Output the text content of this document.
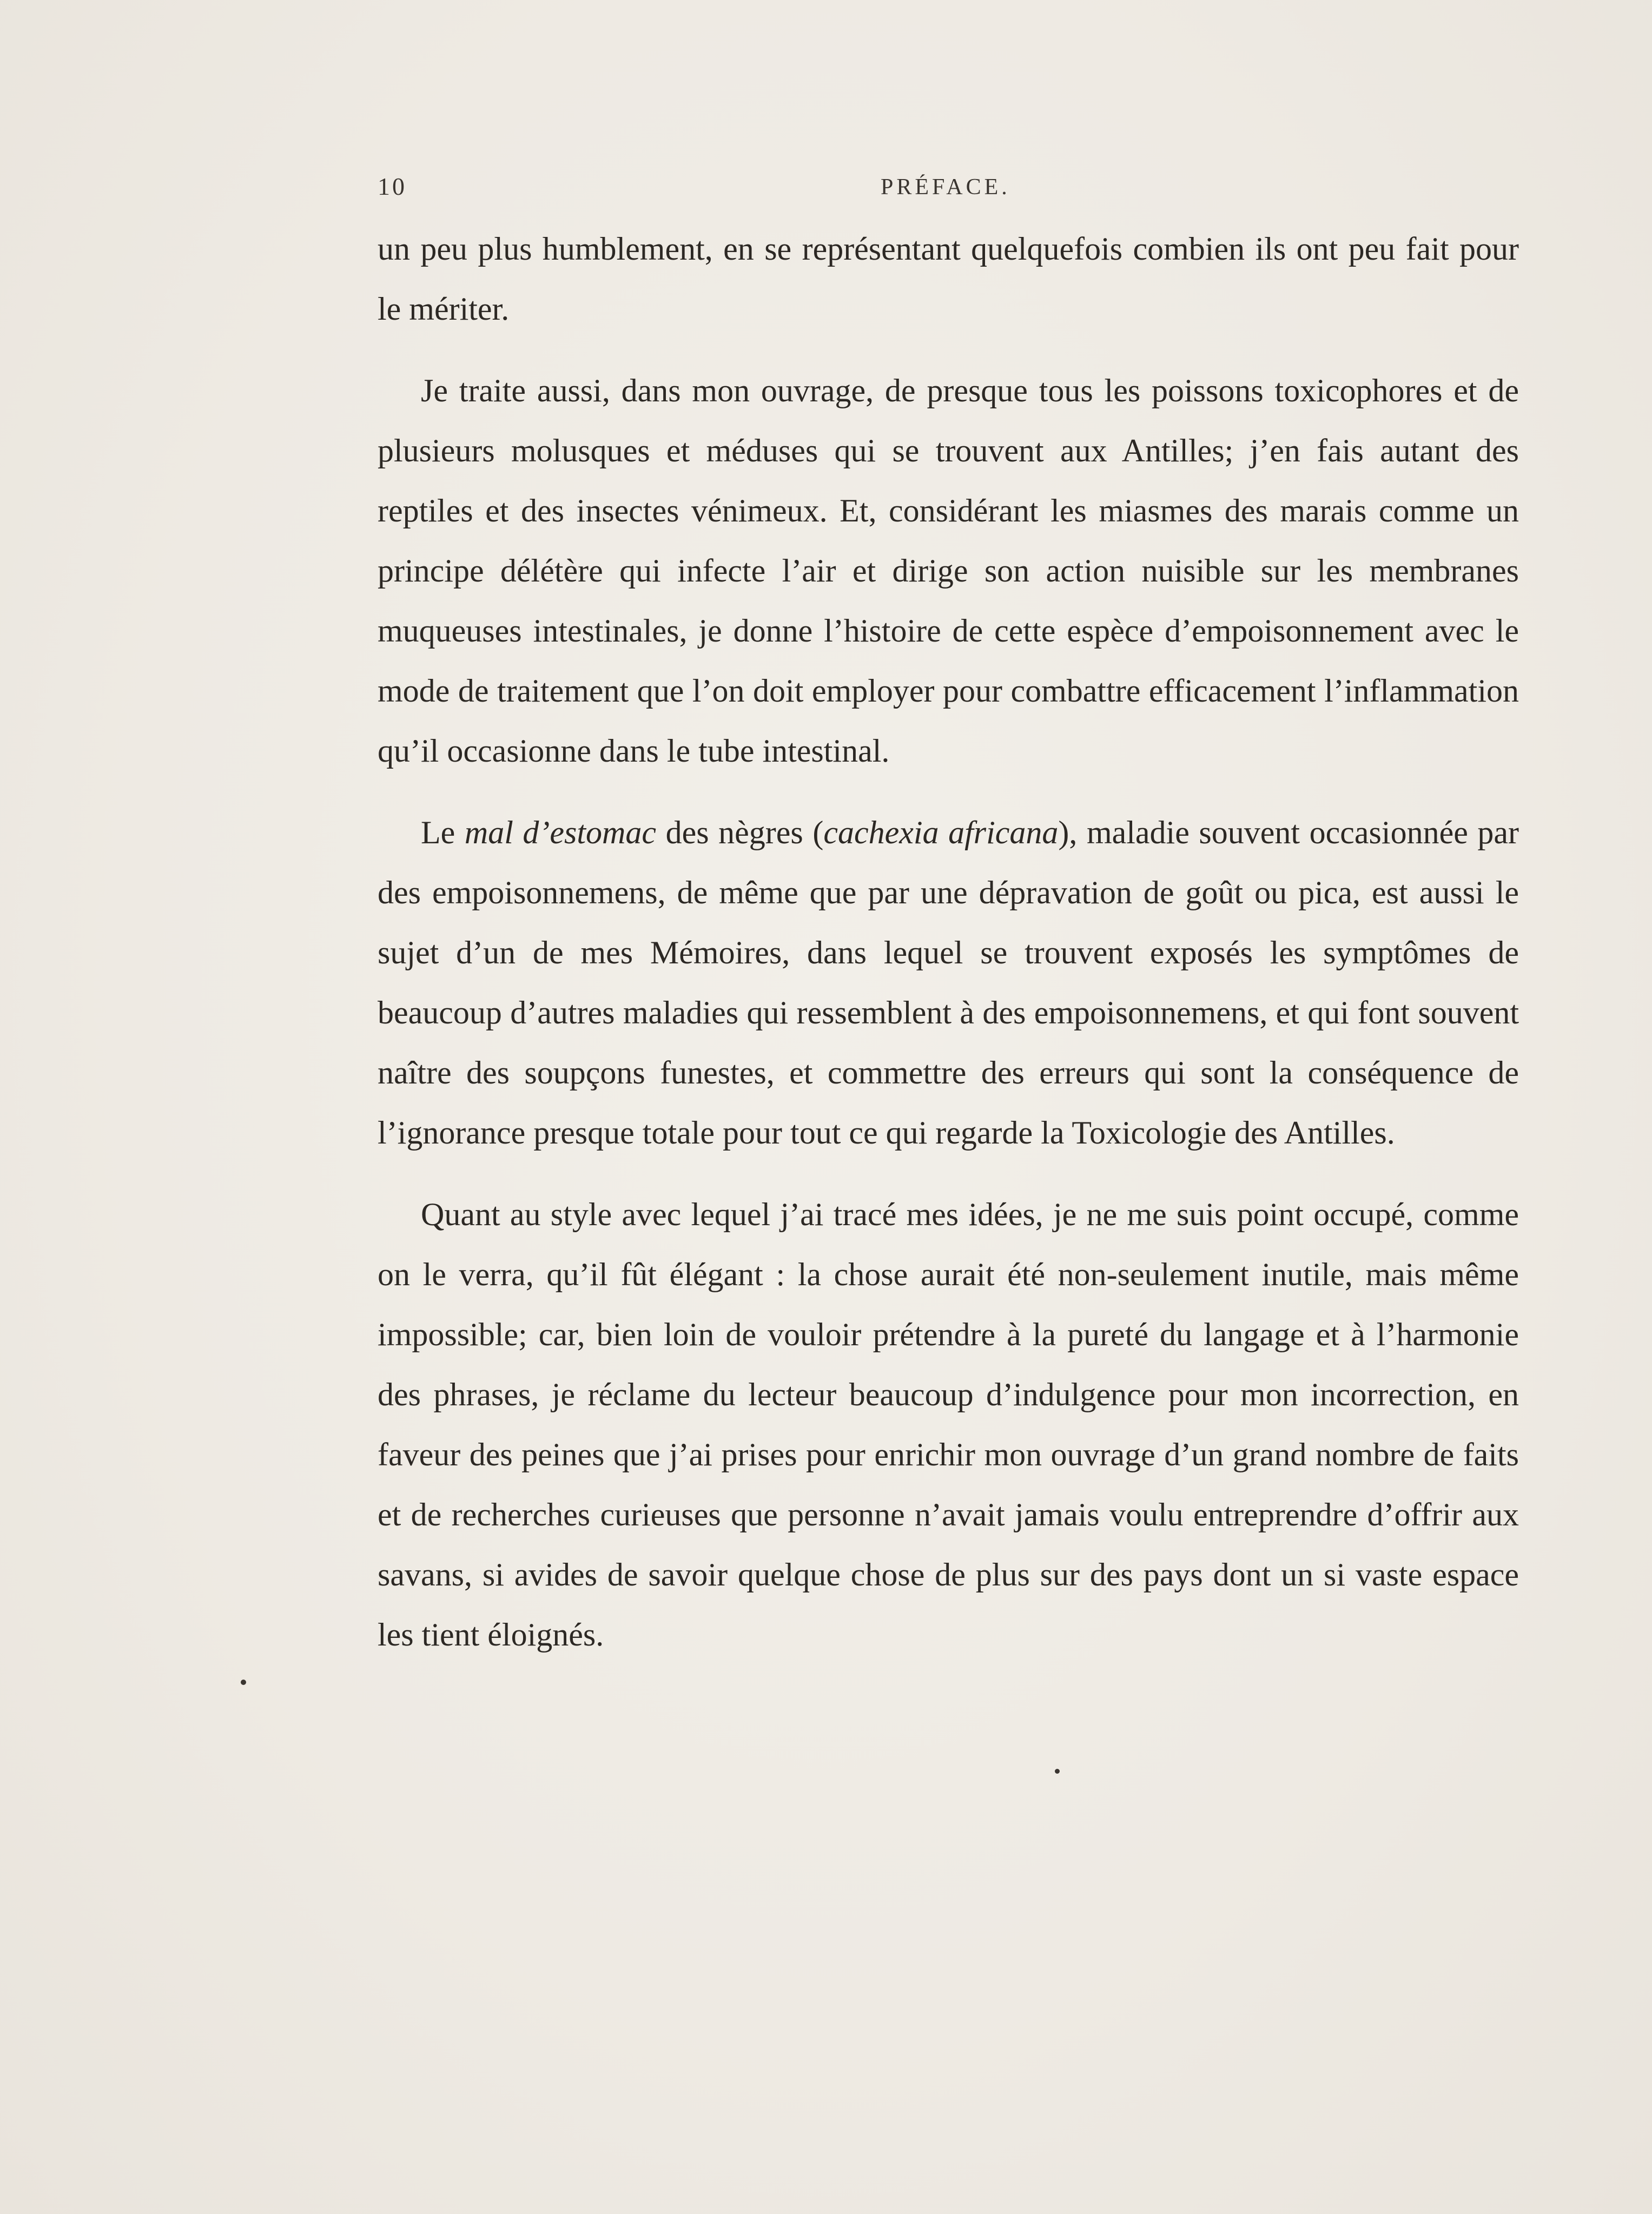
10	PRÉFACE.

un peu plus humblement, en se représentant quelquefois combien ils ont peu fait pour le mériter.

Je traite aussi, dans mon ouvrage, de presque tous les poissons toxicophores et de plusieurs molusques et méduses qui se trouvent aux Antilles; j’en fais autant des reptiles et des insectes vénimeux. Et, considérant les miasmes des marais comme un principe délétère qui infecte l’air et dirige son action nuisible sur les membranes muqueuses intestinales, je donne l’histoire de cette espèce d’empoisonnement avec le mode de traitement que l’on doit employer pour combattre efficacement l’inflammation qu’il occasionne dans le tube intestinal.

Le mal d’estomac des nègres (cachexia africana), maladie souvent occasionnée par des empoisonnemens, de même que par une dépravation de goût ou pica, est aussi le sujet d’un de mes Mémoires, dans lequel se trouvent exposés les symptômes de beaucoup d’autres maladies qui ressemblent à des empoisonnemens, et qui font souvent naître des soupçons funestes, et commettre des erreurs qui sont la conséquence de l’ignorance presque totale pour tout ce qui regarde la Toxicologie des Antilles.

Quant au style avec lequel j’ai tracé mes idées, je ne me suis point occupé, comme on le verra, qu’il fût élégant : la chose aurait été non-seulement inutile, mais même impossible; car, bien loin de vouloir prétendre à la pureté du langage et à l’harmonie des phrases, je réclame du lecteur beaucoup d’indulgence pour mon incorrection, en faveur des peines que j’ai prises pour enrichir mon ouvrage d’un grand nombre de faits et de recherches curieuses que personne n’avait jamais voulu entreprendre d’offrir aux savans, si avides de savoir quelque chose de plus sur des pays dont un si vaste espace les tient éloignés.
